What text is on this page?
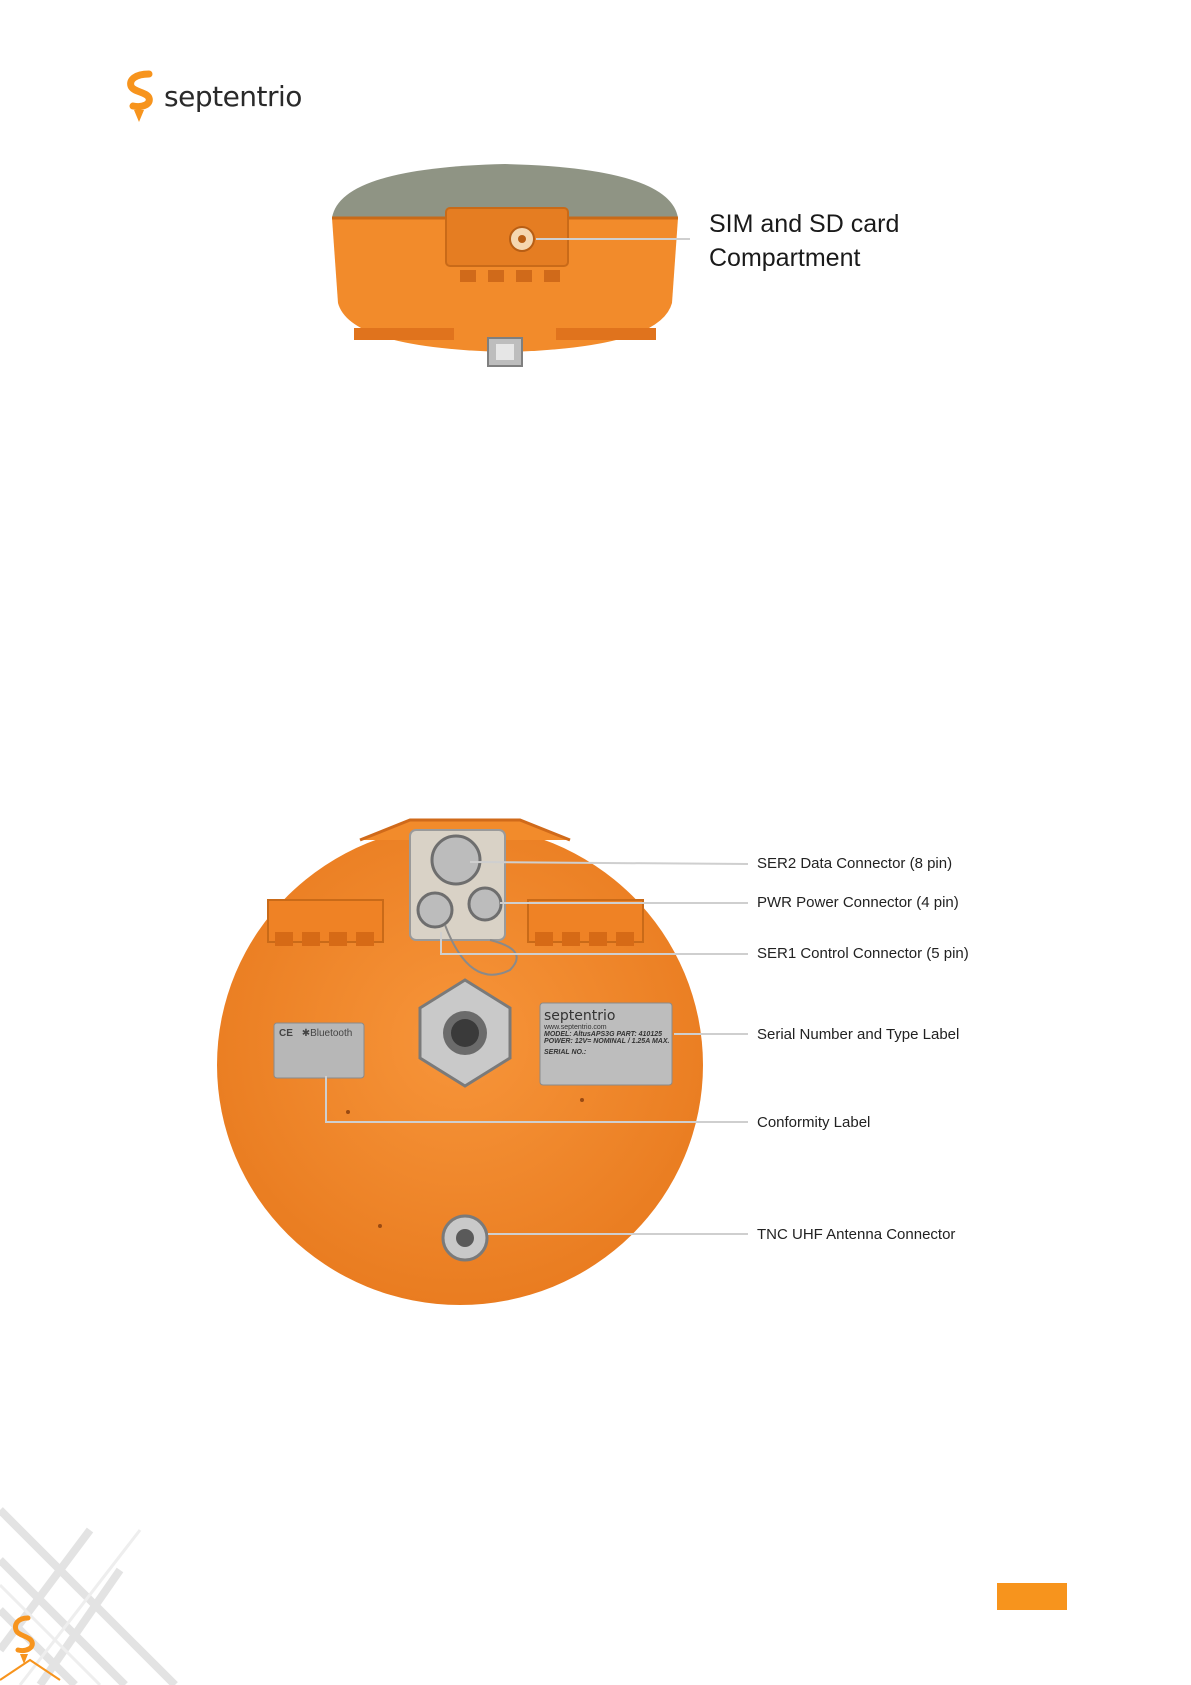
septentrio
SIM and SD card
Compartment
septentrio
www.septentrio.com
MODEL: AltusAPS3G PART: 410125
POWER: 12V= NOMINAL / 1.25A MAX.
SERIAL NO.:
CE ✱Bluetooth
SER2 Data Connector (8 pin)
PWR Power Connector (4 pin)
SER1 Control Connector (5 pin)
Serial Number and Type Label
Conformity Label
TNC UHF Antenna Connector
